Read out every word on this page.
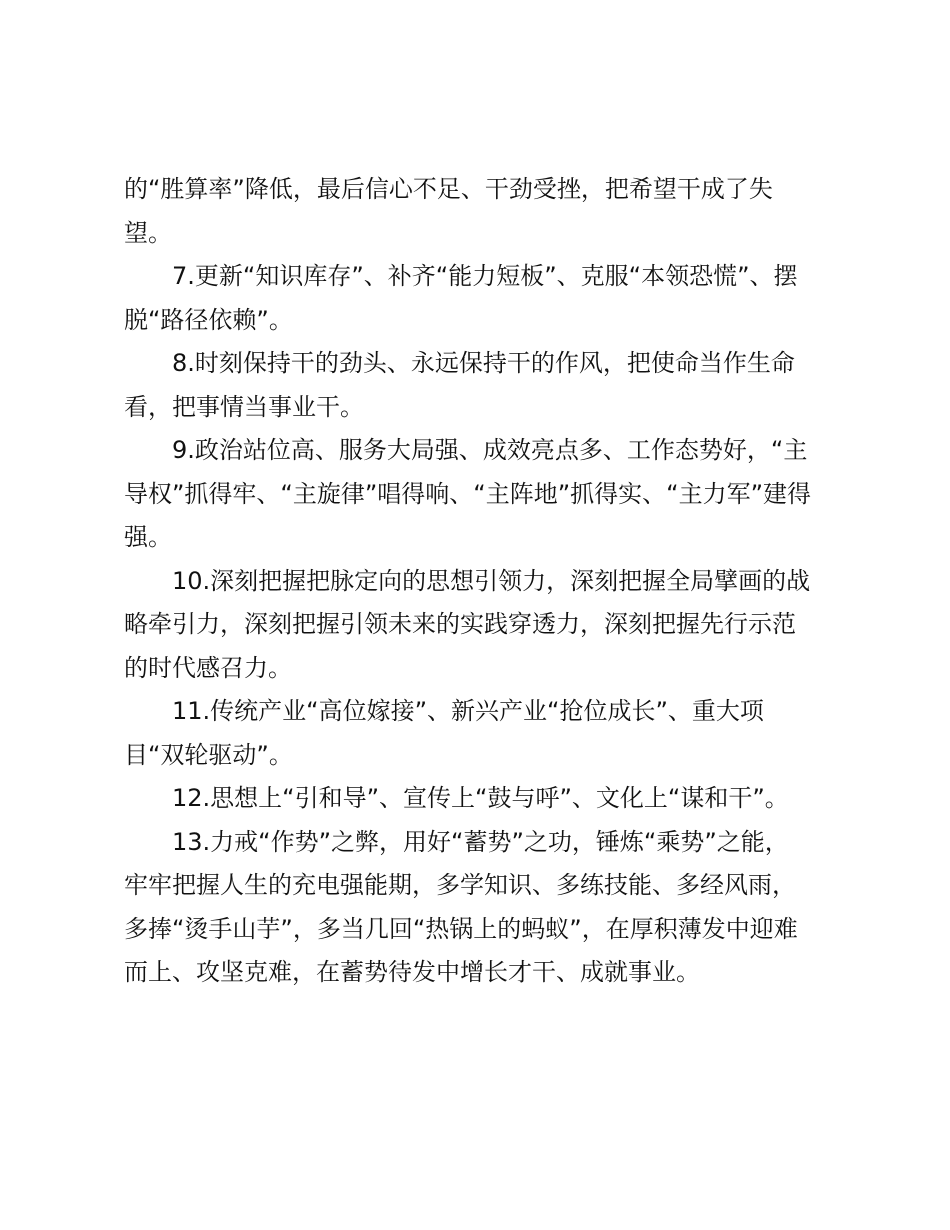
的“胜算率”降低，最后信心不足、干劲受挫，把希望干成了失
望。
7.更新“知识库存”、补齐“能力短板”、克服“本领恐慌”、摆
脱“路径依赖”。
8.时刻保持干的劲头、永远保持干的作风，把使命当作生命
看，把事情当事业干。
9.政治站位高、服务大局强、成效亮点多、工作态势好，“主
导权”抓得牢、“主旋律”唱得响、“主阵地”抓得实、“主力军”建得
强。
10.深刻把握把脉定向的思想引领力，深刻把握全局擘画的战
略牵引力，深刻把握引领未来的实践穿透力，深刻把握先行示范
的时代感召力。
11.传统产业“高位嫁接”、新兴产业“抢位成长”、重大项
目“双轮驱动”。
12.思想上“引和导”、宣传上“鼓与呼”、文化上“谋和干”。
13.力戒“作势”之弊，用好“蓄势”之功，锤炼“乘势”之能，
牢牢把握人生的充电强能期，多学知识、多练技能、多经风雨，
多捧“烫手山芋”，多当几回“热锅上的蚂蚁”，在厚积薄发中迎难
而上、攻坚克难，在蓄势待发中增长才干、成就事业。
